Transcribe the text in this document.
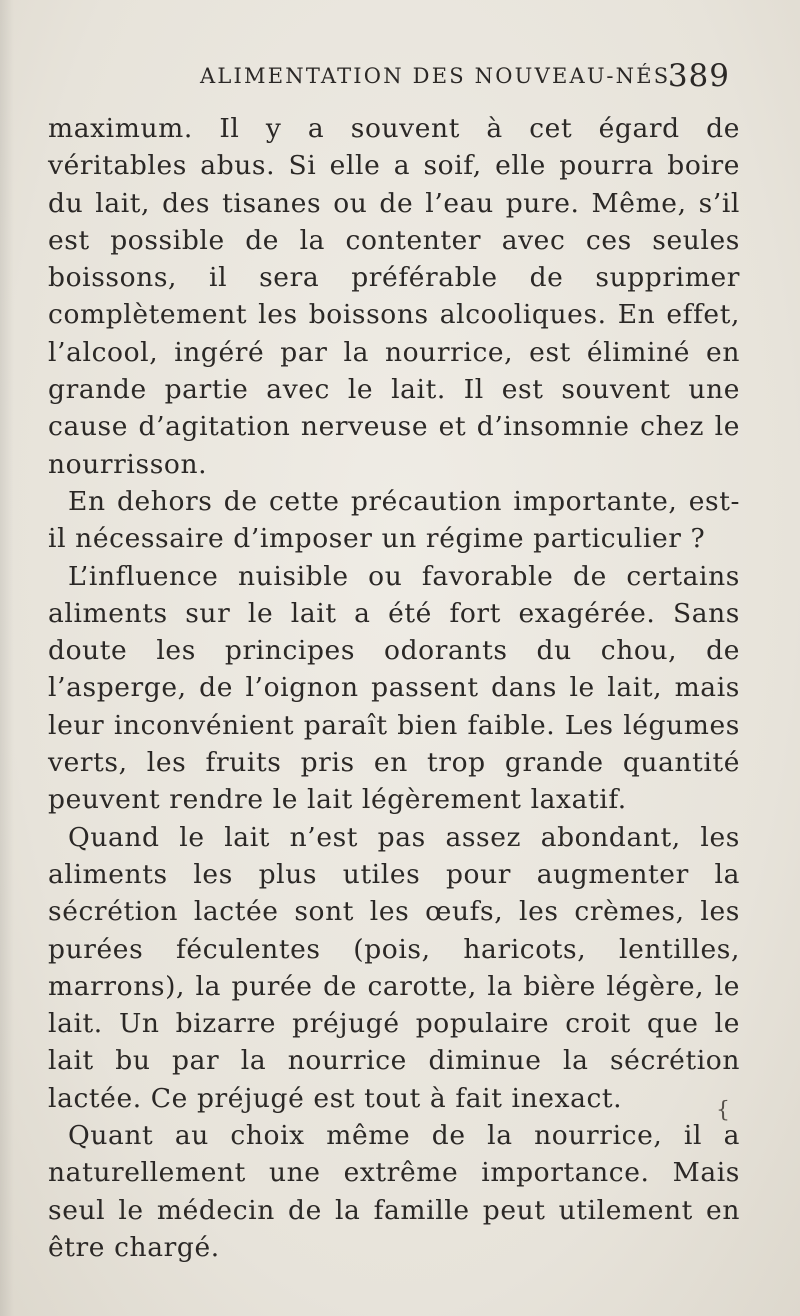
ALIMENTATION DES NOUVEAU-NÉS
389

maximum. Il y a souvent à cet égard de véritables abus. Si elle a soif, elle pourra boire du lait, des tisanes ou de l’eau pure. Même, s’il est possible de la contenter avec ces seules boissons, il sera préférable de supprimer complètement les boissons alcooliques. En effet, l’alcool, ingéré par la nourrice, est éliminé en grande partie avec le lait. Il est souvent une cause d’agitation nerveuse et d’insomnie chez le nourrisson.

En dehors de cette précaution importante, est-il nécessaire d’imposer un régime particulier ?

L’influence nuisible ou favorable de certains aliments sur le lait a été fort exagérée. Sans doute les principes odorants du chou, de l’asperge, de l’oignon passent dans le lait, mais leur inconvénient paraît bien faible. Les légumes verts, les fruits pris en trop grande quantité peuvent rendre le lait légèrement laxatif.

Quand le lait n’est pas assez abondant, les aliments les plus utiles pour augmenter la sécrétion lactée sont les œufs, les crèmes, les purées féculentes (pois, haricots, lentilles, marrons), la purée de carotte, la bière légère, le lait. Un bizarre préjugé populaire croit que le lait bu par la nourrice diminue la sécrétion lactée. Ce préjugé est tout à fait inexact.

Quant au choix même de la nourrice, il a naturellement une extrême importance. Mais seul le médecin de la famille peut utilement en être chargé.

{
